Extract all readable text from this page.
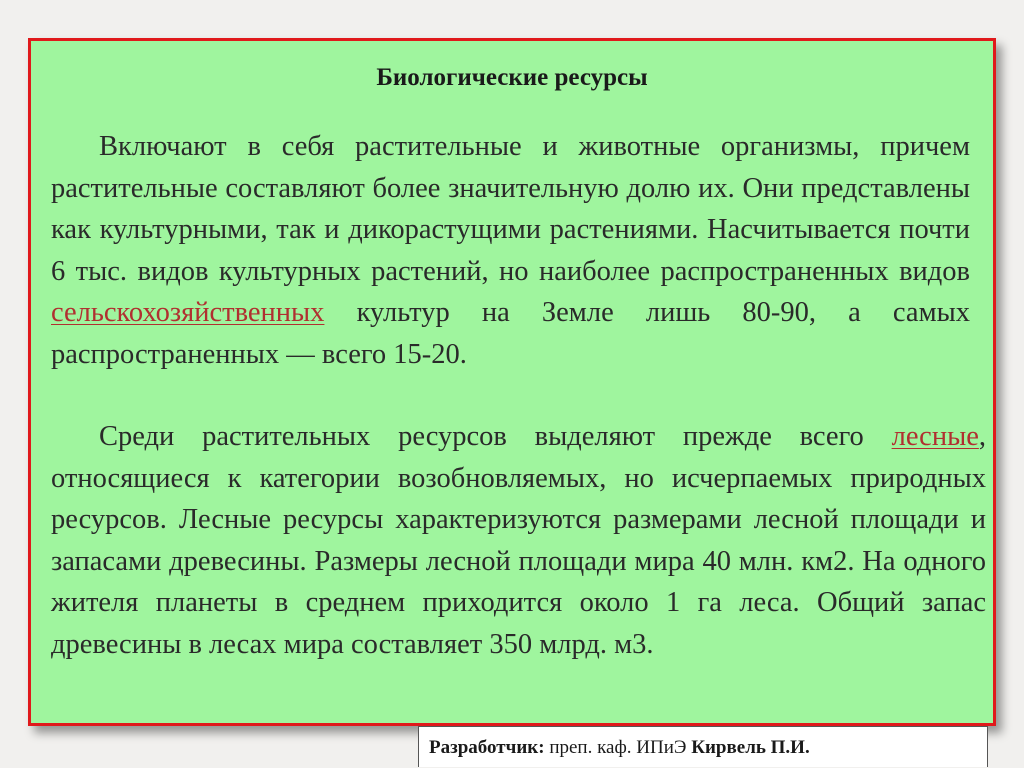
Биологические ресурсы

Включают в себя растительные и животные организмы, причем растительные составляют более значительную долю их. Они представлены как культурными, так и дикорастущими растениями. Насчитывается почти 6 тыс. видов культурных растений, но наиболее распространенных видов сельскохозяйственных культур на Земле лишь 80-90, а самых распространенных — всего 15-20.

Среди растительных ресурсов выделяют прежде всего лесные, относящиеся к категории возобновляемых, но исчерпаемых природных ресурсов. Лесные ресурсы характеризуются размерами лесной площади и запасами древесины. Размеры лесной площади мира 40 млн. км2. На одного жителя планеты в среднем приходится около 1 га леса. Общий запас древесины в лесах мира составляет 350 млрд. м3.

Разработчик: преп. каф. ИПиЭ Кирвель П.И.
